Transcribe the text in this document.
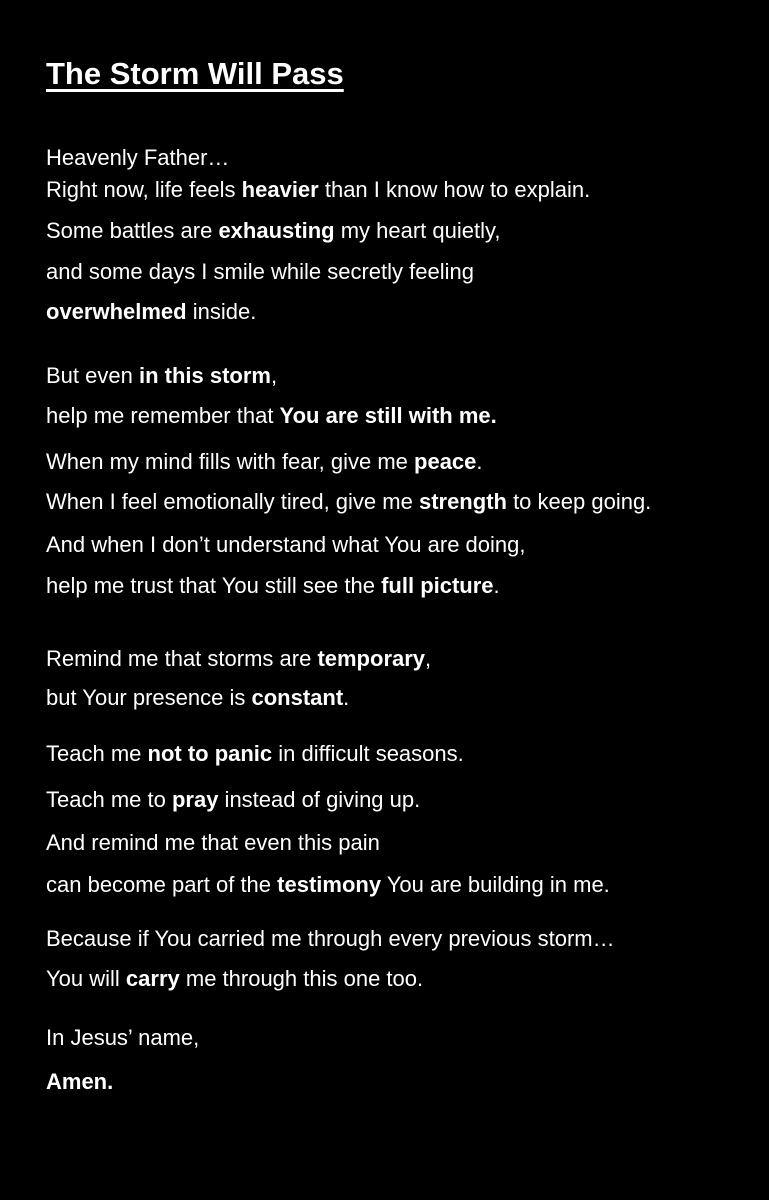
The Storm Will Pass

Heavenly Father…

Right now, life feels heavier than I know how to explain.

Some battles are exhausting my heart quietly,

and some days I smile while secretly feeling

overwhelmed inside.

But even in this storm,

help me remember that You are still with me.

When my mind fills with fear, give me peace.

When I feel emotionally tired, give me strength to keep going.

And when I don’t understand what You are doing,

help me trust that You still see the full picture.

Remind me that storms are temporary,

but Your presence is constant.

Teach me not to panic in difficult seasons.

Teach me to pray instead of giving up.

And remind me that even this pain

can become part of the testimony You are building in me.

Because if You carried me through every previous storm…

You will carry me through this one too.

In Jesus’ name,

Amen.
